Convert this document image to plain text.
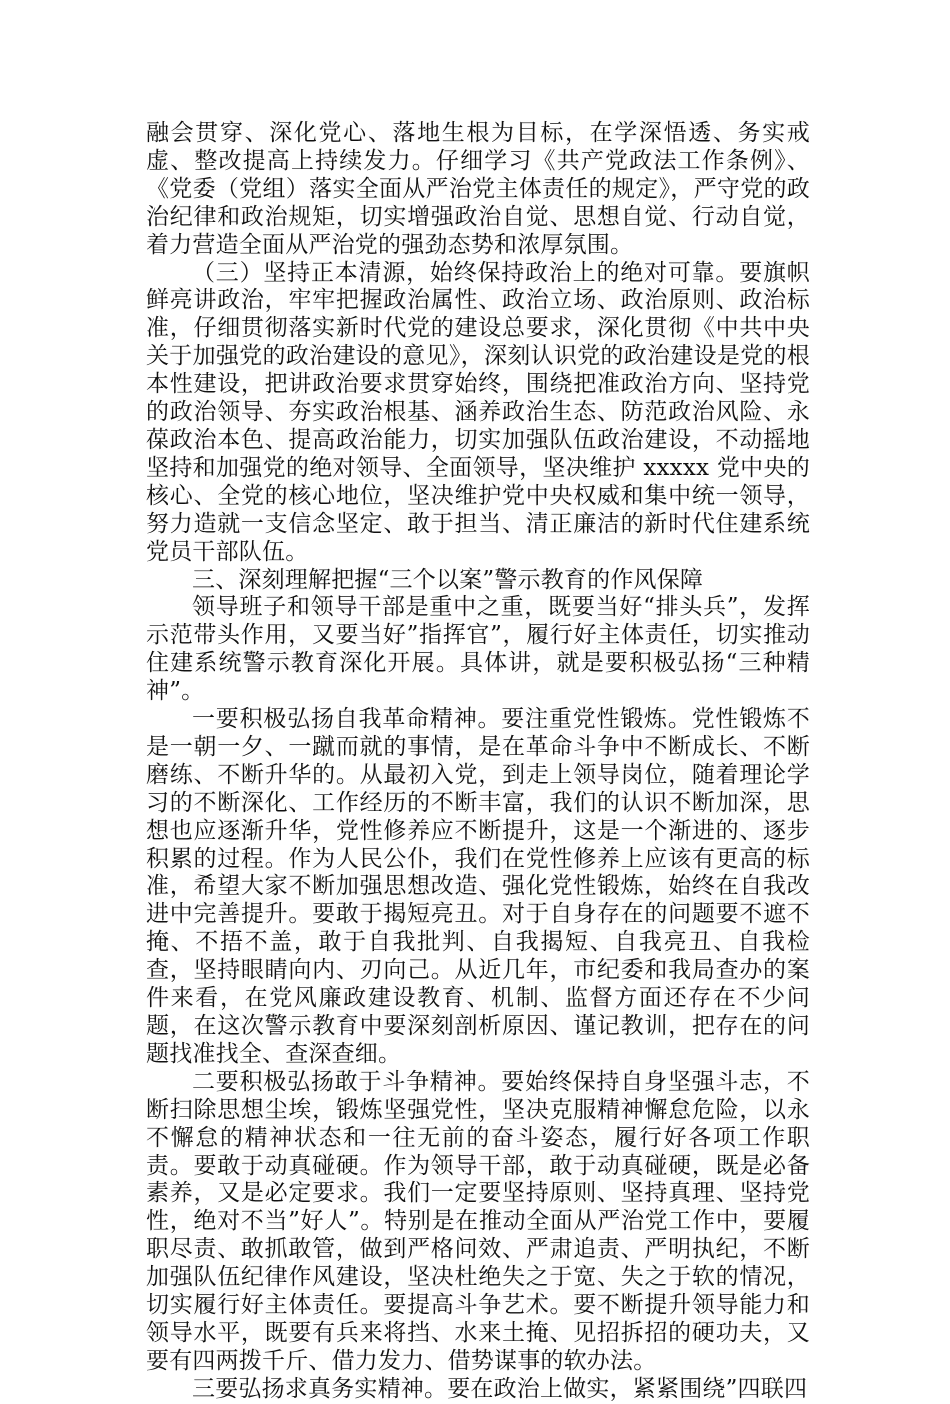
融会贯穿、深化党心、落地生根为目标，在学深悟透、务实戒虚、整改提高上持续发力。仔细学习《共产党政法工作条例》、《党委（党组）落实全面从严治党主体责任的规定》，严守党的政治纪律和政治规矩，切实增强政治自觉、思想自觉、行动自觉，着力营造全面从严治党的强劲态势和浓厚氛围。

（三）坚持正本清源，始终保持政治上的绝对可靠。要旗帜鲜亮讲政治，牢牢把握政治属性、政治立场、政治原则、政治标准，仔细贯彻落实新时代党的建设总要求，深化贯彻《中共中央关于加强党的政治建设的意见》，深刻认识党的政治建设是党的根本性建设，把讲政治要求贯穿始终，围绕把准政治方向、坚持党的政治领导、夯实政治根基、涵养政治生态、防范政治风险、永葆政治本色、提高政治能力，切实加强队伍政治建设，不动摇地坚持和加强党的绝对领导、全面领导，坚决维护 xxxxx 党中央的核心、全党的核心地位，坚决维护党中央权威和集中统一领导，努力造就一支信念坚定、敢于担当、清正廉洁的新时代住建系统党员干部队伍。

三、深刻理解把握“三个以案”警示教育的作风保障

领导班子和领导干部是重中之重，既要当好“排头兵”，发挥示范带头作用，又要当好”指挥官”，履行好主体责任，切实推动住建系统警示教育深化开展。具体讲，就是要积极弘扬“三种精神”。

一要积极弘扬自我革命精神。要注重党性锻炼。党性锻炼不是一朝一夕、一蹴而就的事情，是在革命斗争中不断成长、不断磨练、不断升华的。从最初入党，到走上领导岗位，随着理论学习的不断深化、工作经历的不断丰富，我们的认识不断加深，思想也应逐渐升华，党性修养应不断提升，这是一个渐进的、逐步积累的过程。作为人民公仆，我们在党性修养上应该有更高的标准，希望大家不断加强思想改造、强化党性锻炼，始终在自我改进中完善提升。要敢于揭短亮丑。对于自身存在的问题要不遮不掩、不捂不盖，敢于自我批判、自我揭短、自我亮丑、自我检查，坚持眼睛向内、刃向己。从近几年，市纪委和我局查办的案件来看，在党风廉政建设教育、机制、监督方面还存在不少问题，在这次警示教育中要深刻剖析原因、谨记教训，把存在的问题找准找全、查深查细。

二要积极弘扬敢于斗争精神。要始终保持自身坚强斗志，不断扫除思想尘埃，锻炼坚强党性，坚决克服精神懈怠危险，以永不懈怠的精神状态和一往无前的奋斗姿态，履行好各项工作职责。要敢于动真碰硬。作为领导干部，敢于动真碰硬，既是必备素养，又是必定要求。我们一定要坚持原则、坚持真理、坚持党性，绝对不当”好人”。特别是在推动全面从严治党工作中，要履职尽责、敢抓敢管，做到严格问效、严肃追责、严明执纪，不断加强队伍纪律作风建设，坚决杜绝失之于宽、失之于软的情况，切实履行好主体责任。要提高斗争艺术。要不断提升领导能力和领导水平，既要有兵来将挡、水来土掩、见招拆招的硬功夫，又要有四两拨千斤、借力发力、借势谋事的软办法。

三要弘扬求真务实精神。要在政治上做实，紧紧围绕”四联四
